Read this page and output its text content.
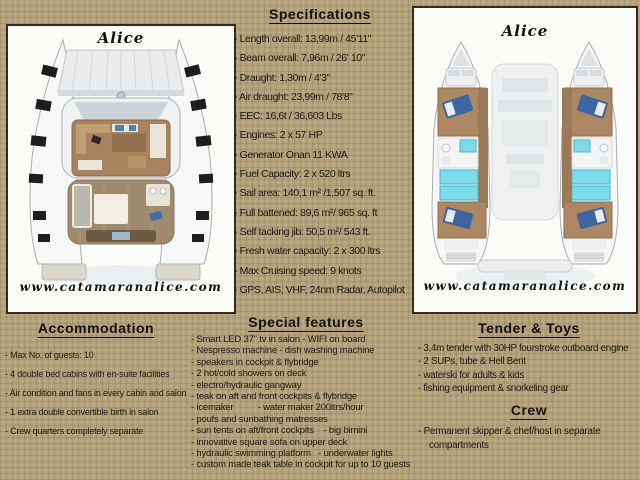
Alice
www.catamaranalice.com
Alice
www.catamaranalice.com
Specifications
- Length overall: 13,99m / 45'11"
- Beam overall: 7,96m / 26' 10"
- Draught: 1,30m / 4'3"
- Air draught: 23,99m / 78'8"
- EEC: 16,6t / 36,603 Lbs
- Engines: 2 x 57 HP
- Generator Onan 11 KWA
- Fuel Capacity: 2 x 520 ltrs
- Sail area: 140,1 m² /1,507 sq. ft.
- Full battened: 89,6 m²/ 965 sq. ft
- Self tacking jib: 50,5 m²/ 543 ft.
- Fresh water capacity: 2 x 300 ltrs
- Max Cruising speed: 9 knots
- GPS, AIS, VHF, 24nm Radar, Autopilot
Accommodation
- Max No. of guests: 10
- 4 double bed cabins with en-suite facilities
- Air condition and fans in every cabin and salon
- 1 extra double convertible birth in salon
- Crew quarters completely separate
Special features
- Smart LED 37" tv in salon - WIFI on board
- Nespresso machine - dish washing machine
- speakers in cockpit & flybridge
- 2 hot/cold showers on deck
- electro/hydraulic gangway
- teak on aft and front cockpits & flybridge
- icemaker          - water maker 200ltrs/hour
- poufs and sunbathing matresses
- sun tents on aft/front cockpits    - big bimini
- innovative square sofa on upper deck
- hydraulic swimming platform   - underwater lights
- custom made teak table in cockpit for up to 10 guests
Tender & Toys
- 3,4m tender with 30HP fourstroke outboard engine
- 2 SUPs, tube & Hell Bent
- waterski for adults & kids
- fishing equipment & snorkeling gear
Crew
- Permanent skipper & chef/host in separate compartments
